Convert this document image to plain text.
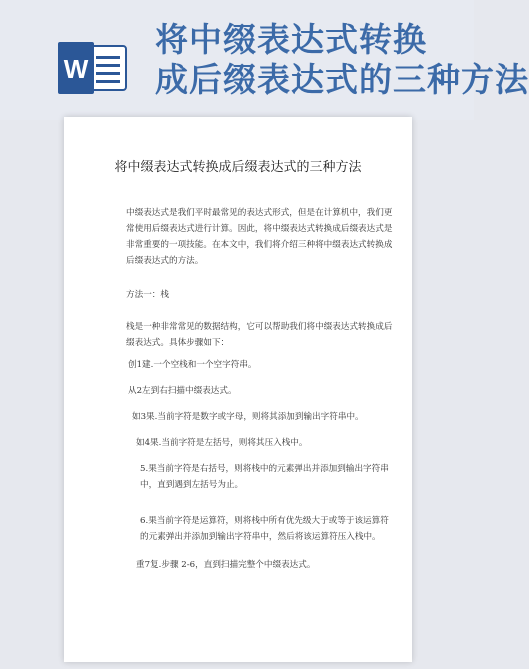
W
将中缀表达式转换
成后缀表达式的三种方法
将中缀表达式转换成后缀表达式的三种方法
中缀表达式是我们平时最常见的表达式形式，但是在计算机中，我们更常使用后缀表达式进行计算。因此，将中缀表达式转换成后缀表达式是非常重要的一项技能。在本文中，我们将介绍三种将中缀表达式转换成后缀表达式的方法。
方法一：栈
栈是一种非常常见的数据结构，它可以帮助我们将中缀表达式转换成后缀表达式。具体步骤如下：
创1建.一个空栈和一个空字符串。
从2左到右扫描中缀表达式。
如3果.当前字符是数字或字母，则将其添加到输出字符串中。
如4果.当前字符是左括号，则将其压入栈中。
5.果当前字符是右括号，则将栈中的元素弹出并添加到输出字符串中，直到遇到左括号为止。
6.果当前字符是运算符，则将栈中所有优先级大于或等于该运算符的元素弹出并添加到输出字符串中，然后将该运算符压入栈中。
重7复.步骤 2-6，直到扫描完整个中缀表达式。
